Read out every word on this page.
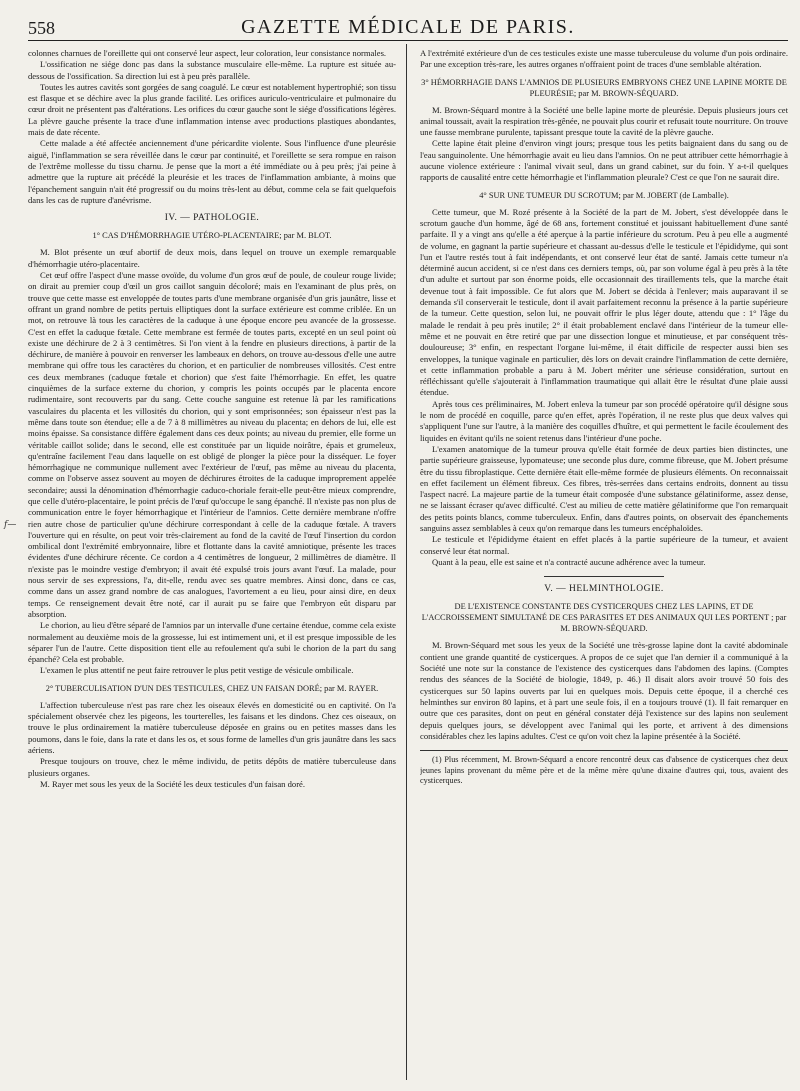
558	GAZETTE MÉDICALE DE PARIS.
f—

colonnes charnues de l'oreillette qui ont conservé leur aspect, leur coloration, leur consistance normales.

L'ossification ne siége donc pas dans la substance musculaire elle-même. La rupture est située au-dessous de l'ossification. Sa direction lui est à peu près parallèle.

Toutes les autres cavités sont gorgées de sang coagulé. Le cœur est notablement hypertrophié; son tissu est flasque et se déchire avec la plus grande facilité. Les orifices auriculo-ventriculaire et pulmonaire du cœur droit ne présentent pas d'altérations. Les orifices du cœur gauche sont le siége d'ossifications légères. La plèvre gauche présente la trace d'une inflammation intense avec productions plastiques abondantes, mais de date récente.

Cette malade a été affectée anciennement d'une péricardite violente. Sous l'influence d'une pleurésie aiguë, l'inflammation se sera réveillée dans le cœur par continuité, et l'oreillette se sera rompue en raison de l'extrême mollesse du tissu charnu. Je pense que la mort a été immédiate ou à peu près; j'ai peine à admettre que la rupture ait précédé la pleurésie et les traces de l'inflammation ambiante, à moins que l'épanchement sanguin n'ait été progressif ou du moins très-lent au début, comme cela se fait quelquefois dans les cas de rupture d'anévrisme.

IV. — PATHOLOGIE.
1° CAS D'HÉMORRHAGIE UTÉRO-PLACENTAIRE; par M. BLOT.

M. Blot présente un œuf abortif de deux mois, dans lequel on trouve un exemple remarquable d'hémorrhagie utéro-placentaire.

Cet œuf offre l'aspect d'une masse ovoïde, du volume d'un gros œuf de poule, de couleur rouge livide; on dirait au premier coup d'œil un gros caillot sanguin décoloré; mais en l'examinant de plus près, on trouve que cette masse est enveloppée de toutes parts d'une membrane organisée d'un gris jaunâtre, lisse et offrant un grand nombre de petits pertuis elliptiques dont la surface extérieure est comme criblée. En un mot, on retrouve là tous les caractères de la caduque à une époque encore peu avancée de la grossesse. C'est en effet la caduque fœtale. Cette membrane est fermée de toutes parts, excepté en un seul point où existe une déchirure de 2 à 3 centimètres. Si l'on vient à la fendre en plusieurs directions, à partir de la déchirure, de manière à pouvoir en renverser les lambeaux en dehors, on trouve au-dessous d'elle une autre membrane qui offre tous les caractères du chorion, et en particulier de nombreuses villosités. C'est entre ces deux membranes (caduque fœtale et chorion) que s'est faite l'hémorrhagie. En effet, les quatre cinquièmes de la surface externe du chorion, y compris les points occupés par le placenta encore rudimentaire, sont recouverts par du sang. Cette couche sanguine est retenue là par les ramifications vasculaires du placenta et les villosités du chorion, qui y sont emprisonnées; son épaisseur n'est pas la même dans toute son étendue; elle a de 7 à 8 millimètres au niveau du placenta; en dehors de lui, elle est moins épaisse. Sa consistance diffère également dans ces deux points; au niveau du premier, elle forme un véritable caillot solide; dans le second, elle est constituée par un liquide noirâtre, épais et grumeleux, qu'entraîne facilement l'eau dans laquelle on est obligé de plonger la pièce pour la disséquer. Le foyer hémorrhagique ne communique nullement avec l'extérieur de l'œuf, pas même au niveau du placenta, comme on l'observe assez souvent au moyen de déchirures étroites de la caduque improprement appelée secondaire; aussi la dénomination d'hémorrhagie caduco-choriale ferait-elle peut-être mieux comprendre, que celle d'utéro-placentaire, le point précis de l'œuf qu'occupe le sang épanché. Il n'existe pas non plus de communication entre le foyer hémorrhagique et l'intérieur de l'amnios. Cette dernière membrane n'offre rien autre chose de particulier qu'une déchirure correspondant à celle de la caduque fœtale. A travers l'ouverture qui en résulte, on peut voir très-clairement au fond de la cavité de l'œuf l'insertion du cordon ombilical dont l'extrémité embryonnaire, libre et flottante dans la cavité amniotique, présente les traces évidentes d'une déchirure récente. Ce cordon a 4 centimètres de longueur, 2 millimètres de diamètre. Il n'existe pas le moindre vestige d'embryon; il avait été expulsé trois jours avant l'œuf. La malade, pour nous servir de ses expressions, l'a, dit-elle, rendu avec ses quatre membres. Ainsi donc, dans ce cas, comme dans un assez grand nombre de cas analogues, l'avortement a eu lieu, pour ainsi dire, en deux temps. Ce renseignement devait être noté, car il aurait pu se faire que l'embryon eût disparu par absorption.

Le chorion, au lieu d'être séparé de l'amnios par un intervalle d'une certaine étendue, comme cela existe normalement au deuxième mois de la grossesse, lui est intimement uni, et il est presque impossible de les séparer l'un de l'autre. Cette disposition tient elle au refoulement qu'a subi le chorion de la part du sang épanché? Cela est probable.

L'examen le plus attentif ne peut faire retrouver le plus petit vestige de vésicule ombilicale.

2° TUBERCULISATION D'UN DES TESTICULES, CHEZ UN FAISAN DORÉ; par M. RAYER.

L'affection tuberculeuse n'est pas rare chez les oiseaux élevés en domesticité ou en captivité. On l'a spécialement observée chez les pigeons, les tourterelles, les faisans et les dindons. Chez ces oiseaux, on trouve le plus ordinairement la matière tuberculeuse déposée en grains ou en petites masses dans les poumons, dans le foie, dans la rate et dans les os, et sous forme de lamelles d'un gris jaunâtre dans les sacs aériens.

Presque toujours on trouve, chez le même individu, de petits dépôts de matière tuberculeuse dans plusieurs organes.

M. Rayer met sous les yeux de la Société les deux testicules d'un faisan doré.

A l'extrémité extérieure d'un de ces testicules existe une masse tuberculeuse du volume d'un pois ordinaire. Par une exception très-rare, les autres organes n'offraient point de traces d'une semblable altération.

3° HÉMORRHAGIE DANS L'AMNIOS DE PLUSIEURS EMBRYONS CHEZ UNE LAPINE MORTE DE PLEURÉSIE; par M. BROWN-SÉQUARD.

M. Brown-Séquard montre à la Société une belle lapine morte de pleurésie. Depuis plusieurs jours cet animal toussait, avait la respiration très-gênée, ne pouvait plus courir et refusait toute nourriture. On trouve une fausse membrane purulente, tapissant presque toute la cavité de la plèvre gauche.

Cette lapine était pleine d'environ vingt jours; presque tous les petits baignaient dans du sang ou de l'eau sanguinolente. Une hémorrhagie avait eu lieu dans l'amnios. On ne peut attribuer cette hémorrhagie à aucune violence extérieure : l'animal vivait seul, dans un grand cabinet, sur du foin. Y a-t-il quelques rapports de causalité entre cette hémorrhagie et l'inflammation pleurale? C'est ce que l'on ne saurait dire.

4° SUR UNE TUMEUR DU SCROTUM; par M. JOBERT (de Lamballe).

Cette tumeur, que M. Rozé présente à la Société de la part de M. Jobert, s'est développée dans le scrotum gauche d'un homme, âgé de 68 ans, fortement constitué et jouissant habituellement d'une santé parfaite. Il y a vingt ans qu'elle a été aperçue à la partie inférieure du scrotum. Peu à peu elle a augmenté de volume, en gagnant la partie supérieure et chassant au-dessus d'elle le testicule et l'épididyme, qui sont l'un et l'autre restés tout à fait indépendants, et ont conservé leur état de santé. Jamais cette tumeur n'a déterminé aucun accident, si ce n'est dans ces derniers temps, où, par son volume égal à peu près à la tête d'un adulte et surtout par son énorme poids, elle occasionnait des tiraillements tels, que la marche était devenue tout à fait impossible. Ce fut alors que M. Jobert se décida à l'enlever; mais auparavant il se demanda s'il conserverait le testicule, dont il avait parfaitement reconnu la présence à la partie supérieure de la tumeur. Cette question, selon lui, ne pouvait offrir le plus léger doute, attendu que : 1° l'âge du malade le rendait à peu près inutile; 2° il était probablement enclavé dans l'intérieur de la tumeur elle-même et ne pouvait en être retiré que par une dissection longue et minutieuse, et par conséquent très-douloureuse; 3° enfin, en respectant l'organe lui-même, il était difficile de respecter aussi bien ses enveloppes, la tunique vaginale en particulier, dès lors on devait craindre l'inflammation de cette dernière, et cette inflammation probable a paru à M. Jobert mériter une sérieuse considération, surtout en réfléchissant qu'elle s'ajouterait à l'inflammation traumatique qui allait être le résultat d'une plaie aussi étendue.

Après tous ces préliminaires, M. Jobert enleva la tumeur par son procédé opératoire qu'il désigne sous le nom de procédé en coquille, parce qu'en effet, après l'opération, il ne reste plus que deux valves qui s'appliquent l'une sur l'autre, à la manière des coquilles d'huître, et qui permettent le facile écoulement des liquides en évitant qu'ils ne soient retenus dans l'intérieur d'une poche.

L'examen anatomique de la tumeur prouva qu'elle était formée de deux parties bien distinctes, une partie supérieure graisseuse, lypomateuse; une seconde plus dure, comme fibreuse, que M. Jobert présume être du tissu fibroplastique. Cette dernière était elle-même formée de plusieurs éléments. On reconnaissait en effet facilement un élément fibreux. Ces fibres, très-serrées dans certains endroits, donnent au tissu l'aspect nacré. La majeure partie de la tumeur était composée d'une substance gélatiniforme, assez dense, ne se laissant écraser qu'avec difficulté. C'est au milieu de cette matière gélatiniforme que l'on remarquait des petits points blancs, comme tuberculeux. Enfin, dans d'autres points, on observait des épanchements sanguins assez semblables à ceux qu'on remarque dans les tumeurs encéphaloïdes.

Le testicule et l'épididyme étaient en effet placés à la partie supérieure de la tumeur, et avaient conservé leur état normal.

Quant à la peau, elle est saine et n'a contracté aucune adhérence avec la tumeur.

V. — HELMINTHOLOGIE.
DE L'EXISTENCE CONSTANTE DES CYSTICERQUES CHEZ LES LAPINS, ET DE L'ACCROISSEMENT SIMULTANÉ DE CES PARASITES ET DES ANIMAUX QUI LES PORTENT ; par M. BROWN-SÉQUARD.

M. Brown-Séquard met sous les yeux de la Société une très-grosse lapine dont la cavité abdominale contient une grande quantité de cysticerques. A propos de ce sujet que l'an dernier il a communiqué à la Société une note sur la constance de l'existence des cysticerques dans l'abdomen des lapins. (Comptes rendus des séances de la Société de biologie, 1849, p. 46.) Il disait alors avoir trouvé 50 fois des cysticerques sur 50 lapins ouverts par lui en quelques mois. Depuis cette époque, il a cherché ces helminthes sur environ 80 lapins, et à part une seule fois, il en a toujours trouvé (1). Il fait remarquer en outre que ces parasites, dont on peut en général constater déjà l'existence sur des lapins non seulement depuis quelques jours, se développent avec l'animal qui les porte, et arrivent à des dimensions considérables chez les lapins adultes. C'est ce qu'on voit chez la lapine présentée à la Société.

(1) Plus récemment, M. Brown-Séquard a encore rencontré deux cas d'absence de cysticerques chez deux jeunes lapins provenant du même père et de la même mère qu'une dixaine d'autres qui, tous, avaient des cysticerques.
